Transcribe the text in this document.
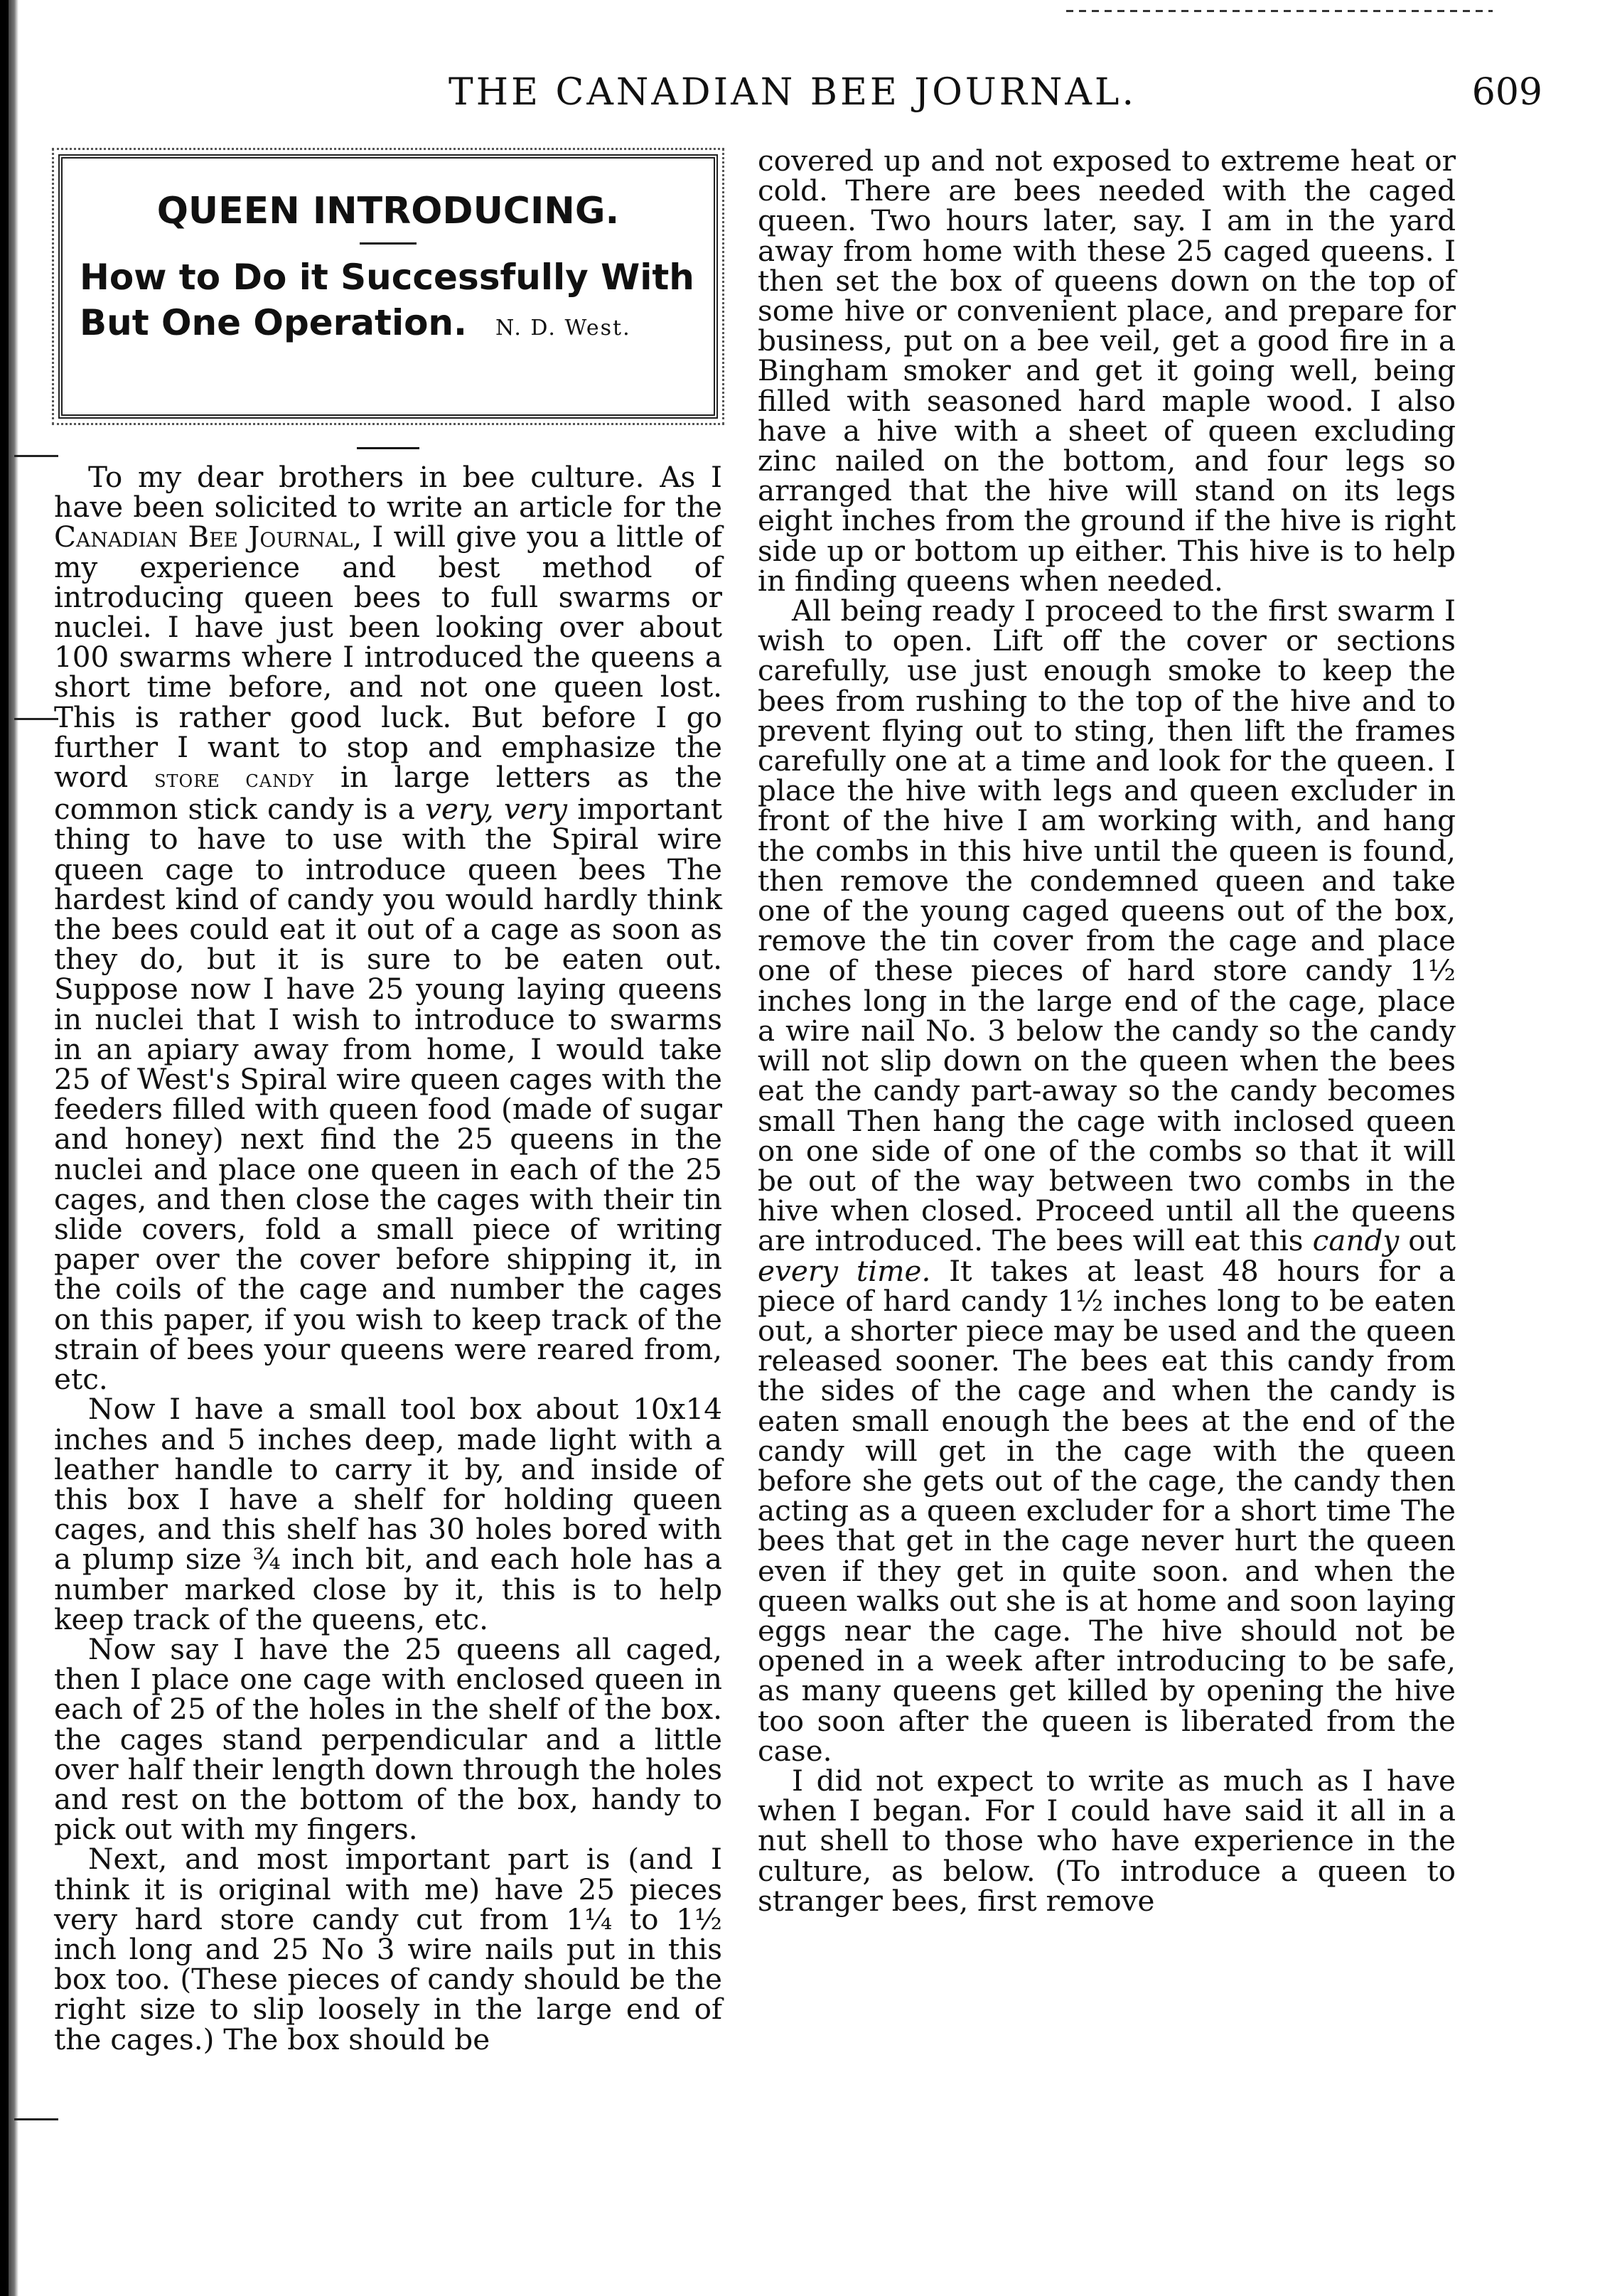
THE CANADIAN BEE JOURNAL.	609
QUEEN INTRODUCING.
How to Do it Successfully With But One Operation. N. D. West.

To my dear brothers in bee culture. As I have been solicited to write an article for the Canadian Bee Journal, I will give you a little of my experience and best method of introducing queen bees to full swarms or nuclei. I have just been looking over about 100 swarms where I introduced the queens a short time before, and not one queen lost. This is rather good luck. But before I go further I want to stop and emphasize the word store candy in large letters as the common stick candy is a very, very important thing to have to use with the Spiral wire queen cage to introduce queen bees The hardest kind of candy you would hardly think the bees could eat it out of a cage as soon as they do, but it is sure to be eaten out. Suppose now I have 25 young laying queens in nuclei that I wish to introduce to swarms in an apiary away from home, I would take 25 of West's Spiral wire queen cages with the feeders filled with queen food (made of sugar and honey) next find the 25 queens in the nuclei and place one queen in each of the 25 cages, and then close the cages with their tin slide covers, fold a small piece of writing paper over the cover before shipping it, in the coils of the cage and number the cages on this paper, if you wish to keep track of the strain of bees your queens were reared from, etc.

Now I have a small tool box about 10x14 inches and 5 inches deep, made light with a leather handle to carry it by, and inside of this box I have a shelf for holding queen cages, and this shelf has 30 holes bored with a plump size ¾ inch bit, and each hole has a number marked close by it, this is to help keep track of the queens, etc.

Now say I have the 25 queens all caged, then I place one cage with enclosed queen in each of 25 of the holes in the shelf of the box. the cages stand perpendicular and a little over half their length down through the holes and rest on the bottom of the box, handy to pick out with my fingers.

Next, and most important part is (and I think it is original with me) have 25 pieces very hard store candy cut from 1¼ to 1½ inch long and 25 No 3 wire nails put in this box too. (These pieces of candy should be the right size to slip loosely in the large end of the cages.) The box should be

covered up and not exposed to extreme heat or cold. There are bees needed with the caged queen. Two hours later, say. I am in the yard away from home with these 25 caged queens. I then set the box of queens down on the top of some hive or convenient place, and prepare for business, put on a bee veil, get a good fire in a Bingham smoker and get it going well, being filled with seasoned hard maple wood. I also have a hive with a sheet of queen excluding zinc nailed on the bottom, and four legs so arranged that the hive will stand on its legs eight inches from the ground if the hive is right side up or bottom up either. This hive is to help in finding queens when needed.

All being ready I proceed to the first swarm I wish to open. Lift off the cover or sections carefully, use just enough smoke to keep the bees from rushing to the top of the hive and to prevent flying out to sting, then lift the frames carefully one at a time and look for the queen. I place the hive with legs and queen excluder in front of the hive I am working with, and hang the combs in this hive until the queen is found, then remove the condemned queen and take one of the young caged queens out of the box, remove the tin cover from the cage and place one of these pieces of hard store candy 1½ inches long in the large end of the cage, place a wire nail No. 3 below the candy so the candy will not slip down on the queen when the bees eat the candy part-away so the candy becomes small Then hang the cage with inclosed queen on one side of one of the combs so that it will be out of the way between two combs in the hive when closed. Proceed until all the queens are introduced. The bees will eat this candy out every time. It takes at least 48 hours for a piece of hard candy 1½ inches long to be eaten out, a shorter piece may be used and the queen released sooner. The bees eat this candy from the sides of the cage and when the candy is eaten small enough the bees at the end of the candy will get in the cage with the queen before she gets out of the cage, the candy then acting as a queen excluder for a short time The bees that get in the cage never hurt the queen even if they get in quite soon. and when the queen walks out she is at home and soon laying eggs near the cage. The hive should not be opened in a week after introducing to be safe, as many queens get killed by opening the hive too soon after the queen is liberated from the case.

I did not expect to write as much as I have when I began. For I could have said it all in a nut shell to those who have experience in the culture, as below. (To introduce a queen to stranger bees, first remove
